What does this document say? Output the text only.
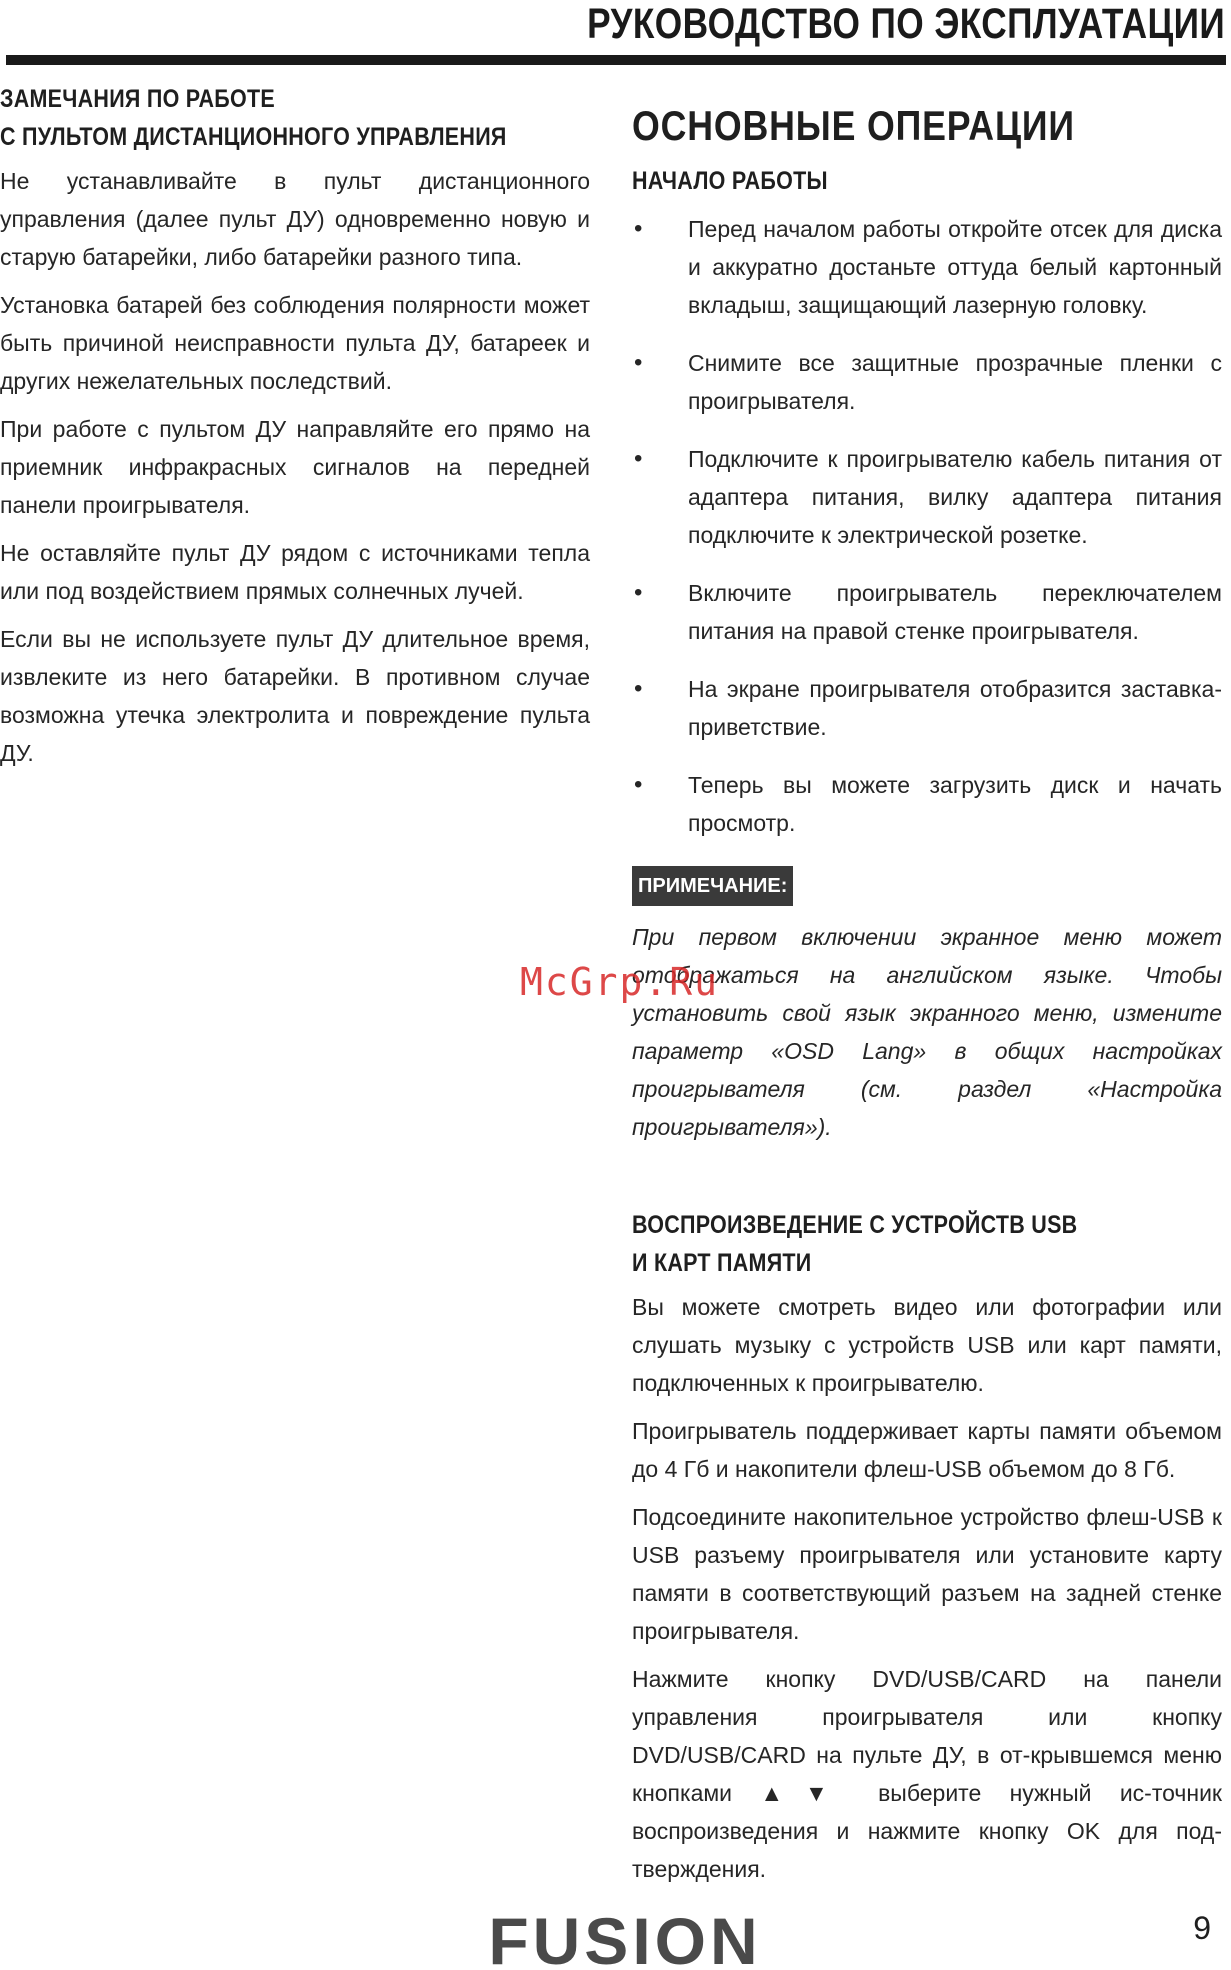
РУКОВОДСТВО ПО ЭКСПЛУАТАЦИИ
ЗАМЕЧАНИЯ ПО РАБОТЕ
С ПУЛЬТОМ ДИСТАНЦИОННОГО УПРАВЛЕНИЯ

Не устанавливайте в пульт дистанционного управления (далее пульт ДУ) одновременно новую и старую батарейки, либо батарейки разного типа.

Установка батарей без соблюдения полярности может быть причиной неисправности пульта ДУ, батареек и других нежелательных последствий.

При работе с пультом ДУ направляйте его прямо на приемник инфракрасных сигналов на передней панели проигрывателя.

Не оставляйте пульт ДУ рядом с источниками тепла или под воздействием прямых солнечных лучей.

Если вы не используете пульт ДУ длительное время, извлеките из него батарейки. В противном случае возможна утечка электролита и повреждение пульта ДУ.

ОСНОВНЫЕ ОПЕРАЦИИ
НАЧАЛО РАБОТЫ
• Перед началом работы откройте отсек для диска и аккуратно достаньте оттуда белый картонный вкладыш, защищающий лазерную головку.
• Снимите все защитные прозрачные пленки с проигрывателя.
• Подключите к проигрывателю кабель питания от адаптера питания, вилку адаптера питания подключите к электрической розетке.
• Включите проигрыватель переключателем питания на правой стенке проигрывателя.
• На экране проигрывателя отобразится заставка-приветствие.
• Теперь вы можете загрузить диск и начать просмотр.
ПРИМЕЧАНИЕ:

При первом включении экранное меню может отображаться на английском языке. Чтобы установить свой язык экранного меню, измените параметр «OSD Lang» в общих настройках проигрывателя (см. раздел «Настройка проигрывателя»).

ВОСПРОИЗВЕДЕНИЕ С УСТРОЙСТВ USB
И КАРТ ПАМЯТИ

Вы можете смотреть видео или фотографии или слушать музыку с устройств USB или карт памяти, подключенных к проигрывателю.

Проигрыватель поддерживает карты памяти объемом до 4 Гб и накопители флеш-USB объемом до 8 Гб.

Подсоедините накопительное устройство флеш-USB к USB разъему проигрывателя или установите карту памяти в соответствующий разъем на задней стенке проигрывателя.

Нажмите кнопку DVD/USB/CARD на панели управления проигрывателя или кнопку DVD/USB/CARD на пульте ДУ, в от-крывшемся меню кнопками ▲▼ выберите нужный ис-точник воспроизведения и нажмите кнопку OK для под-тверждения.

McGrp.Ru
FUSION	9
